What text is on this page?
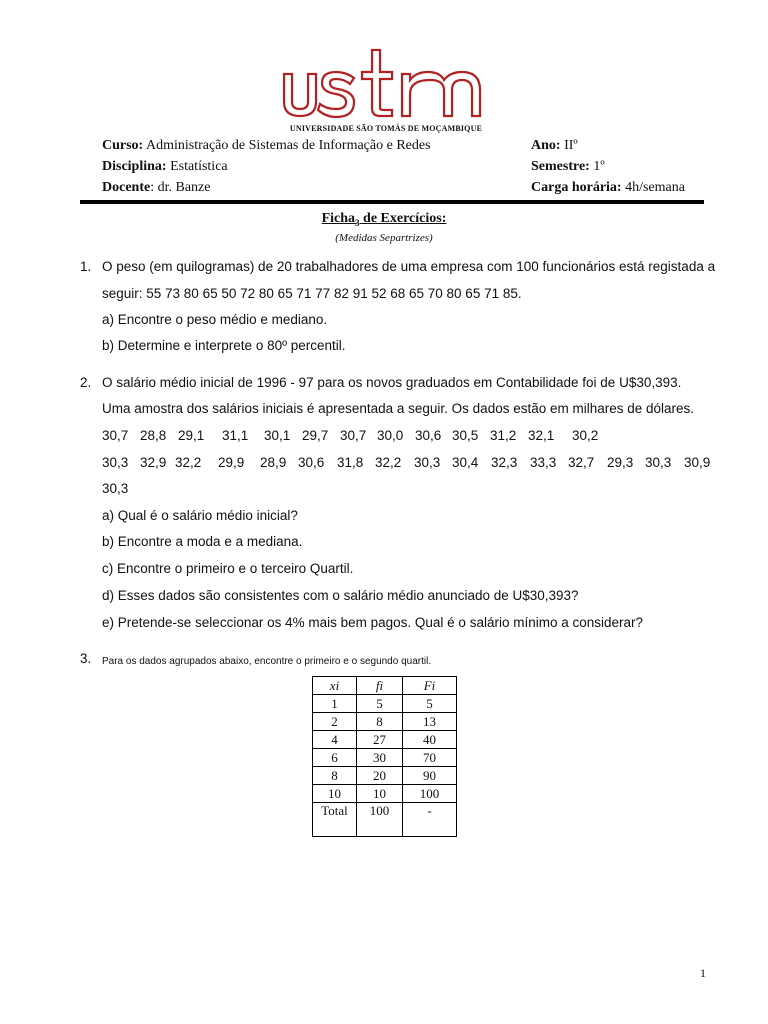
UNIVERSIDADE SÃO TOMÁS DE MOÇAMBIQUE
Curso: Administração de Sistemas de Informação e Redes
Disciplina: Estatística
Docente: dr. Banze
Ano: IIº
Semestre: 1º
Carga horária: 4h/semana
Ficha$_3$ de Exercícios:
(Medidas Separtrizes)
1. O peso (em quilogramas) de 20 trabalhadores de uma empresa com 100 funcionários está registada a
seguir: 55 73 80 65 50 72 80 65 71 77 82 91 52 68 65 70 80 65 71 85.
a) Encontre o peso médio e mediano.
b) Determine e interprete o 80º percentil.
2. O salário médio inicial de 1996 - 97 para os novos graduados em Contabilidade foi de U$30,393.
Uma amostra dos salários iniciais é apresentada a seguir. Os dados estão em milhares de dólares.
30,7 28,8 29,1 31,1 30,1 29,7 30,7 30,0 30,6 30,5 31,2 32,1 30,2
30,3 32,9 32,2 29,9 28,9 30,6 31,8 32,2 30,3 30,4 32,3 33,3 32,7 29,3 30,3 30,9
30,3
a) Qual é o salário médio inicial?
b) Encontre a moda e a mediana.
c) Encontre o primeiro e o terceiro Quartil.
d) Esses dados são consistentes com o salário médio anunciado de U$30,393?
e) Pretende-se seleccionar os 4% mais bem pagos. Qual é o salário mínimo a considerar?
3. Para os dados agrupados abaixo, encontre o primeiro e o segundo quartil.
xi	fi	Fi
1	5	5
2	8	13
4	27	40
6	30	70
8	20	90
10	10	100
Total	100	-
1
